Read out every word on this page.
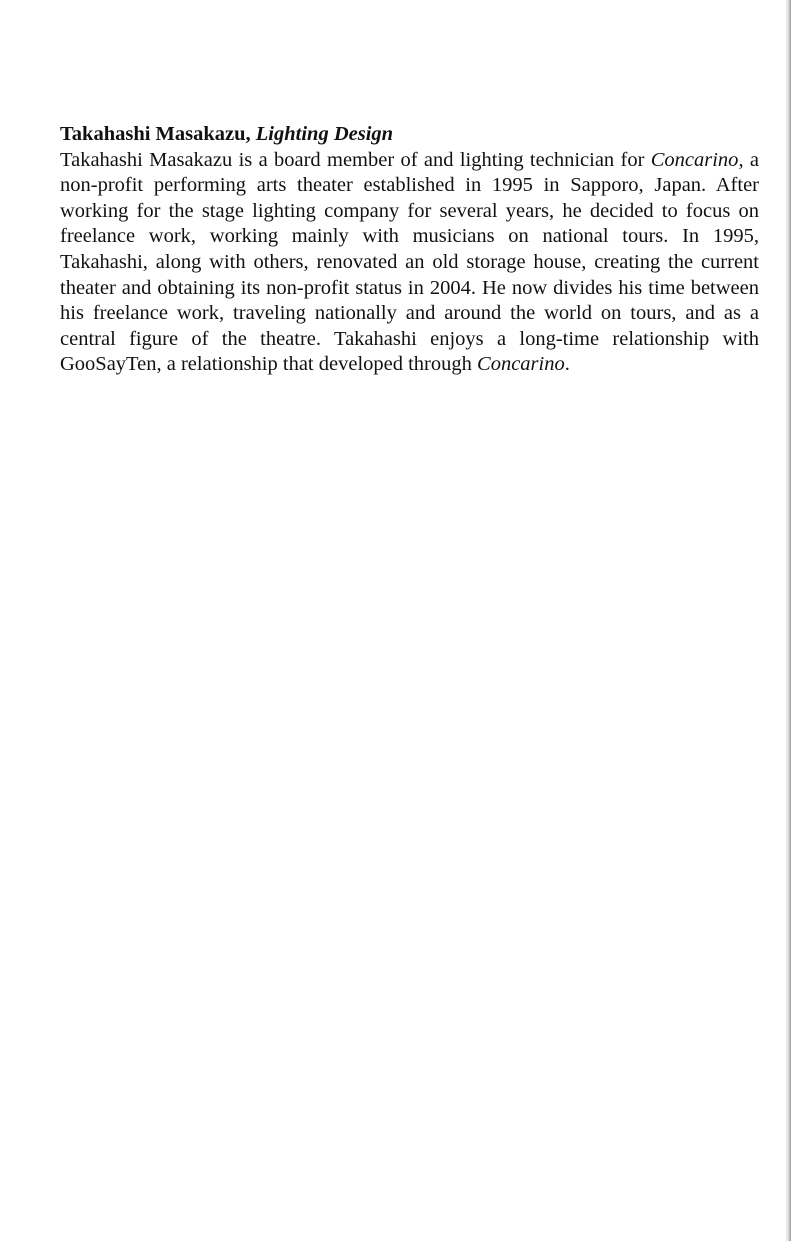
Takahashi Masakazu, Lighting Design

Takahashi Masakazu is a board member of and lighting technician for Concarino, a non-profit performing arts theater established in 1995 in Sapporo, Japan. After working for the stage lighting company for several years, he decided to focus on freelance work, working mainly with musicians on national tours. In 1995, Takahashi, along with others, renovated an old storage house, creating the current theater and obtaining its non-profit status in 2004. He now divides his time between his freelance work, traveling nationally and around the world on tours, and as a central figure of the theatre. Takahashi enjoys a long-time relationship with GooSayTen, a relationship that developed through Concarino.
